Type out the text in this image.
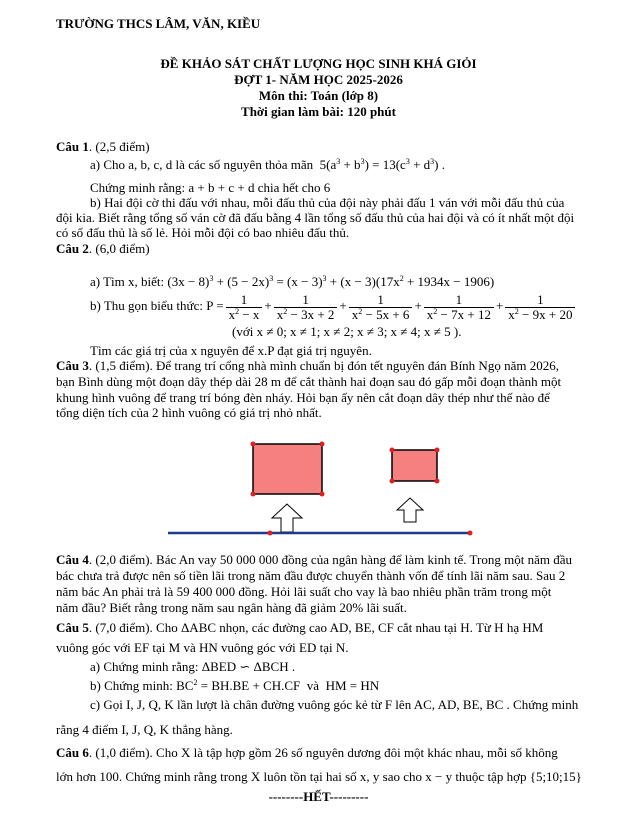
TRƯỜNG THCS LÂM, VĂN, KIỀU
ĐỀ KHẢO SÁT CHẤT LƯỢNG HỌC SINH KHÁ GIỎI
ĐỢT 1- NĂM HỌC 2025-2026
Môn thi: Toán (lớp 8)
Thời gian làm bài: 120 phút
Câu 1. (2,5 điểm)
a) Cho a, b, c, d là các số nguyên thỏa mãn $5(a^3 + b^3) = 13(c^3 + d^3)$ .
Chứng minh rằng: a + b + c + d chia hết cho 6
b) Hai đội cờ thi đấu với nhau, mỗi đấu thủ của đội này phải đấu 1 ván với mỗi đấu thủ của
đội kia. Biết rằng tổng số ván cờ đã đấu bằng 4 lần tổng số đấu thủ của hai đội và có ít nhất một đội
có số đấu thủ là số lẻ. Hỏi mỗi đội có bao nhiêu đấu thủ.
Câu 2. (6,0 điểm)
a) Tìm x, biết: $(3x - 8)^3 + (5 - 2x)^3 = (x - 3)^3 + (x - 3)(17x^2 + 1934x - 1906)$
b) Thu gọn biểu thức: $P = \frac{1}{x^2 - x} + \frac{1}{x^2 - 3x + 2} + \frac{1}{x^2 - 5x + 6} + \frac{1}{x^2 - 7x + 12} + \frac{1}{x^2 - 9x + 20}$
(với x ≠ 0; x ≠ 1; x ≠ 2; x ≠ 3; x ≠ 4; x ≠ 5 ).
Tìm các giá trị của x nguyên để x.P đạt giá trị nguyên.
Câu 3. (1,5 điểm). Để trang trí cổng nhà mình chuẩn bị đón tết nguyên đán Bính Ngọ năm 2026,
bạn Bình dùng một đoạn dây thép dài 28 m để cắt thành hai đoạn sau đó gấp mỗi đoạn thành một
khung hình vuông để trang trí bóng đèn nháy. Hỏi bạn ấy nên cắt đoạn dây thép như thế nào để
tổng diện tích của 2 hình vuông có giá trị nhỏ nhất.
Câu 4. (2,0 điểm). Bác An vay 50 000 000 đồng của ngân hàng để làm kinh tế. Trong một năm đầu
bác chưa trả được nên số tiền lãi trong năm đầu được chuyển thành vốn để tính lãi năm sau. Sau 2
năm bác An phải trả là 59 400 000 đồng. Hỏi lãi suất cho vay là bao nhiêu phần trăm trong một
năm đầu? Biết rằng trong năm sau ngân hàng đã giảm 20% lãi suất.
Câu 5. (7,0 điểm). Cho ΔABC nhọn, các đường cao AD, BE, CF cắt nhau tại H. Từ H hạ HM
vuông góc với EF tại M và HN vuông góc với ED tại N.
a) Chứng minh rằng: ΔBED ∽ ΔBCH .
b) Chứng minh: $BC^2 = BH.BE + CH.CF$ và HM = HN
c) Gọi I, J, Q, K lần lượt là chân đường vuông góc kẻ từ F lên AC, AD, BE, BC . Chứng minh
rằng 4 điểm I, J, Q, K thẳng hàng.
Câu 6. (1,0 điểm). Cho X là tập hợp gồm 26 số nguyên dương đôi một khác nhau, mỗi số không
lớn hơn 100. Chứng minh rằng trong X luôn tồn tại hai số x, y sao cho x − y thuộc tập hợp {5;10;15}
--------HẾT---------
